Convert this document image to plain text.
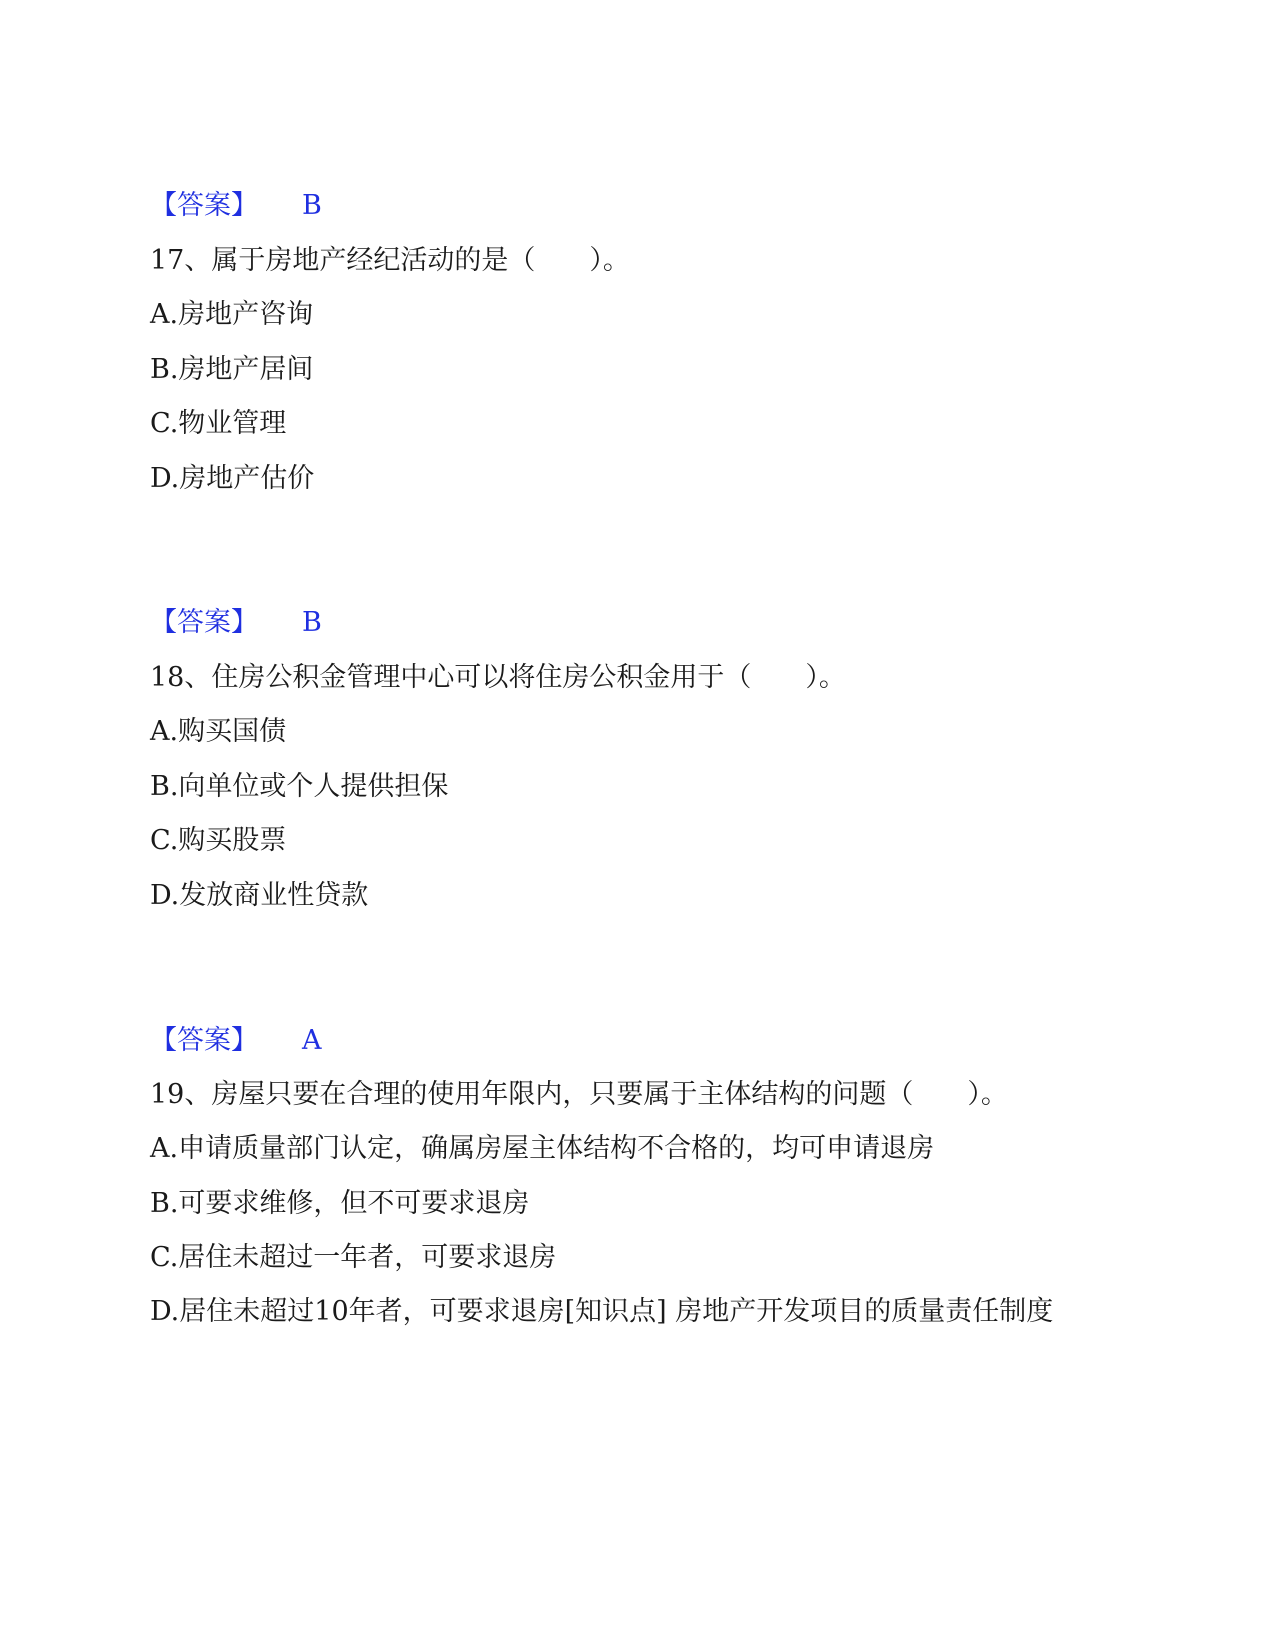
【答案】 B
17、属于房地产经纪活动的是（　　）。
A.房地产咨询
B.房地产居间
C.物业管理
D.房地产估价
【答案】 B
18、住房公积金管理中心可以将住房公积金用于（　　）。
A.购买国债
B.向单位或个人提供担保
C.购买股票
D.发放商业性贷款
【答案】 A
19、房屋只要在合理的使用年限内，只要属于主体结构的问题（　　）。
A.申请质量部门认定，确属房屋主体结构不合格的，均可申请退房
B.可要求维修，但不可要求退房
C.居住未超过一年者，可要求退房
D.居住未超过10年者，可要求退房[知识点] 房地产开发项目的质量责任制度
